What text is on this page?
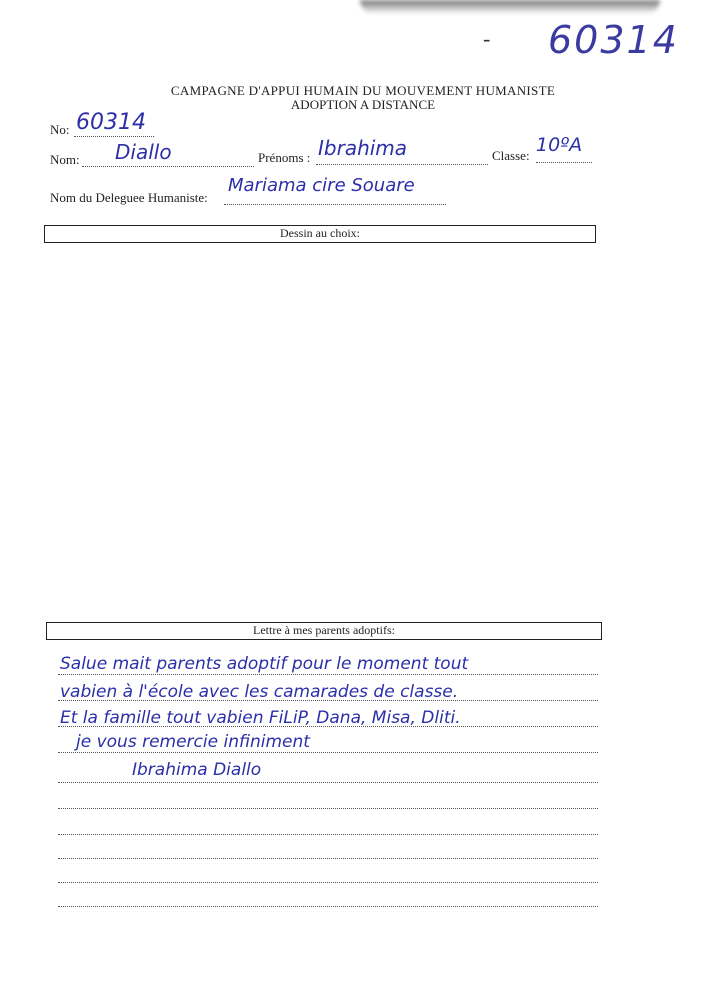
- 60314
CAMPAGNE D'APPUI HUMAIN DU MOUVEMENT HUMANISTE
ADOPTION A DISTANCE
No: 60314
Nom: Diallo	Prénoms : Ibrahima	Classe: 10ºA
Nom du Deleguee Humaniste:
Mariama cire Souare
Dessin au choix:
Lettre à mes parents adoptifs:
Salue mait parents adoptif pour le moment tout
vabien à l'école avec les camarades de classe.
Et la famille tout vabien FiLiP, Dana, Misa, Dliti.
je vous remercie infiniment
Ibrahima Diallo
